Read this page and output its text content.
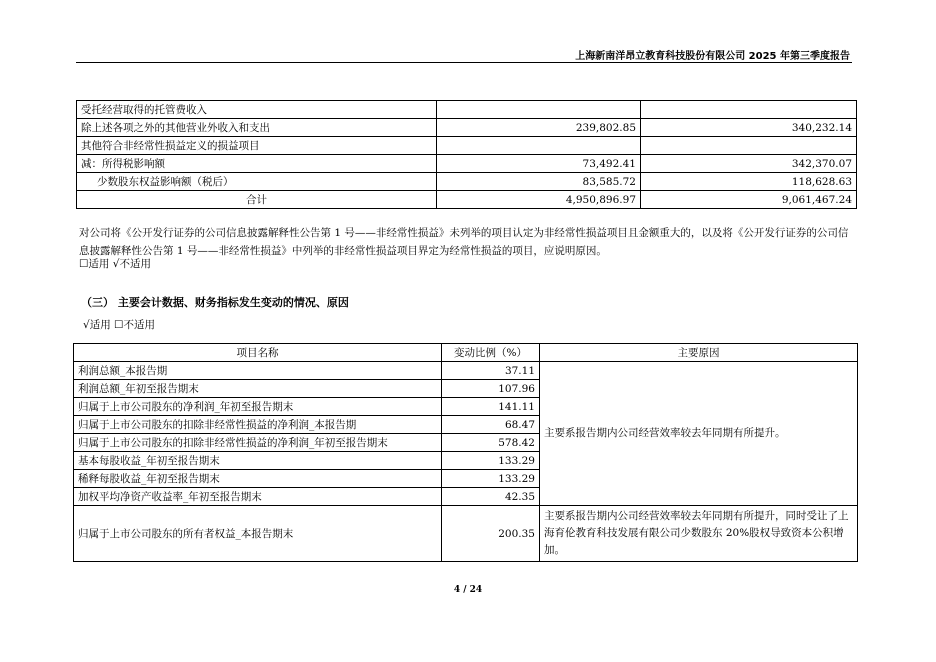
上海新南洋昂立教育科技股份有限公司 2025 年第三季度报告
受托经营取得的托管费收入		
除上述各项之外的其他营业外收入和支出	239,802.85	340,232.14
其他符合非经常性损益定义的损益项目		
减：所得税影响额	73,492.41	342,370.07
少数股东权益影响额（税后）	83,585.72	118,628.63
合计	4,950,896.97	9,061,467.24
对公司将《公开发行证券的公司信息披露解释性公告第 1 号——非经常性损益》未列举的项目认定为非经常性损益项目且金额重大的，以及将《公开发行证券的公司信息披露解释性公告第 1 号——非经常性损益》中列举的非经常性损益项目界定为经常性损益的项目，应说明原因。
☐适用 √不适用
（三） 主要会计数据、财务指标发生变动的情况、原因
√适用 ☐不适用
项目名称	变动比例（%）	主要原因
利润总额_本报告期	37.11	主要系报告期内公司经营效率较去年同期有所提升。
利润总额_年初至报告期末	107.96	
归属于上市公司股东的净利润_年初至报告期末	141.11	
归属于上市公司股东的扣除非经常性损益的净利润_本报告期	68.47	
归属于上市公司股东的扣除非经常性损益的净利润_年初至报告期末	578.42	
基本每股收益_年初至报告期末	133.29	
稀释每股收益_年初至报告期末	133.29	
加权平均净资产收益率_年初至报告期末	42.35	
归属于上市公司股东的所有者权益_本报告期末	200.35	主要系报告期内公司经营效率较去年同期有所提升，同时受让了上海育伦教育科技发展有限公司少数股东 20%股权导致资本公积增加。
4 / 24
